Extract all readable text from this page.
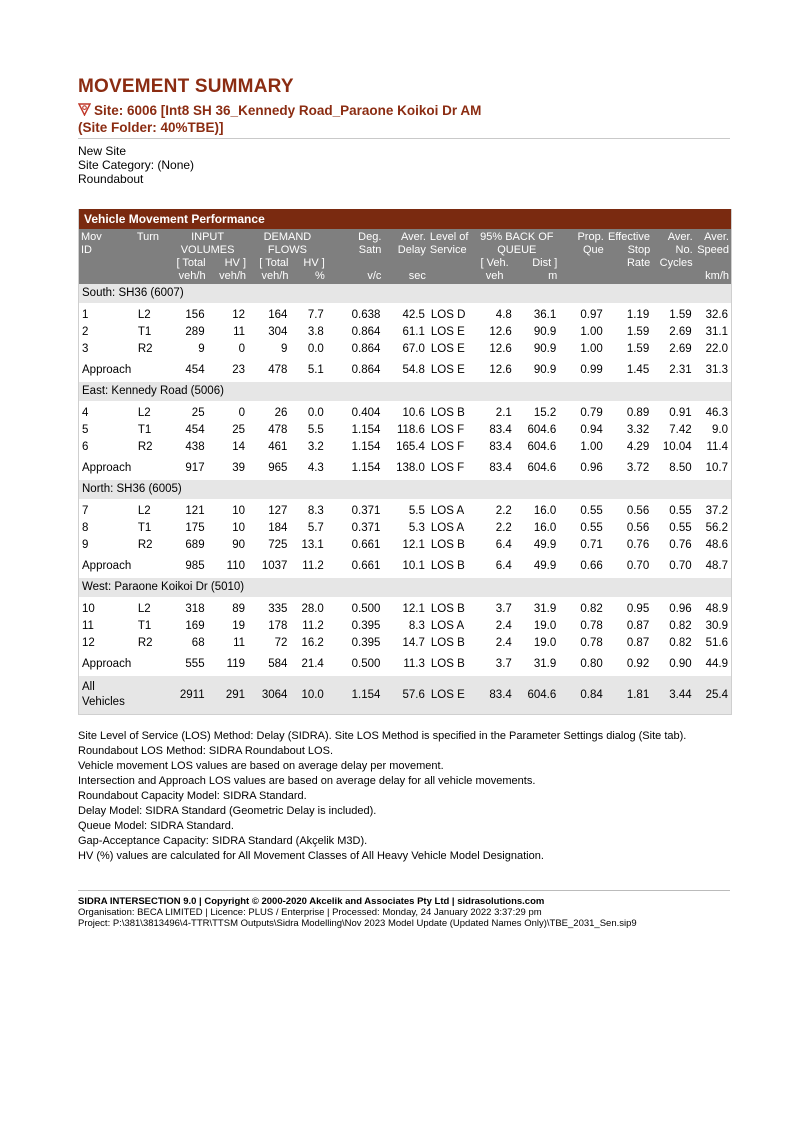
MOVEMENT SUMMARY
Site: 6006 [Int8 SH 36_Kennedy Road_Paraone Koikoi Dr AM
(Site Folder: 40%TBE)]
New Site
Site Category: (None)
Roundabout
Vehicle Movement Performance
Mov	Turn	INPUT		DEMAND		Deg.	Aver.	Level of	95% BACK OF		Prop.	Effective	Aver.	Aver.
ID		VOLUMES		FLOWS		Satn	Delay	Service	QUEUE		Que	Stop	No.	Speed
		[ Total	HV ]	[ Total	HV ]				[ Veh.	Dist ]		Rate	Cycles	
		veh/h	veh/h	veh/h	%	v/c	sec		veh	m				km/h
South: SH36 (6007)														

1	L2	156	12	164	7.7	0.638	42.5	LOS D	4.8	36.1	0.97	1.19	1.59	32.6
2	T1	289	11	304	3.8	0.864	61.1	LOS E	12.6	90.9	1.00	1.59	2.69	31.1
3	R2	9	0	9	0.0	0.864	67.0	LOS E	12.6	90.9	1.00	1.59	2.69	22.0
Approach		454	23	478	5.1	0.864	54.8	LOS E	12.6	90.9	0.99	1.45	2.31	31.3
East: Kennedy Road (5006)														

4	L2	25	0	26	0.0	0.404	10.6	LOS B	2.1	15.2	0.79	0.89	0.91	46.3
5	T1	454	25	478	5.5	1.154	118.6	LOS F	83.4	604.6	0.94	3.32	7.42	9.0
6	R2	438	14	461	3.2	1.154	165.4	LOS F	83.4	604.6	1.00	4.29	10.04	11.4
Approach		917	39	965	4.3	1.154	138.0	LOS F	83.4	604.6	0.96	3.72	8.50	10.7
North: SH36 (6005)														

7	L2	121	10	127	8.3	0.371	5.5	LOS A	2.2	16.0	0.55	0.56	0.55	37.2
8	T1	175	10	184	5.7	0.371	5.3	LOS A	2.2	16.0	0.55	0.56	0.55	56.2
9	R2	689	90	725	13.1	0.661	12.1	LOS B	6.4	49.9	0.71	0.76	0.76	48.6
Approach		985	110	1037	11.2	0.661	10.1	LOS B	6.4	49.9	0.66	0.70	0.70	48.7
West: Paraone Koikoi Dr (5010)														

10	L2	318	89	335	28.0	0.500	12.1	LOS B	3.7	31.9	0.82	0.95	0.96	48.9
11	T1	169	19	178	11.2	0.395	8.3	LOS A	2.4	19.0	0.78	0.87	0.82	30.9
12	R2	68	11	72	16.2	0.395	14.7	LOS B	2.4	19.0	0.78	0.87	0.82	51.6
Approach		555	119	584	21.4	0.500	11.3	LOS B	3.7	31.9	0.80	0.92	0.90	44.9
All
Vehicles		2911	291	3064	10.0	1.154	57.6	LOS E	83.4	604.6	0.84	1.81	3.44	25.4
Site Level of Service (LOS) Method: Delay (SIDRA). Site LOS Method is specified in the Parameter Settings dialog (Site tab).
Roundabout LOS Method: SIDRA Roundabout LOS.
Vehicle movement LOS values are based on average delay per movement.
Intersection and Approach LOS values are based on average delay for all vehicle movements.
Roundabout Capacity Model: SIDRA Standard.
Delay Model: SIDRA Standard (Geometric Delay is included).
Queue Model: SIDRA Standard.
Gap-Acceptance Capacity: SIDRA Standard (Akçelik M3D).
HV (%) values are calculated for All Movement Classes of All Heavy Vehicle Model Designation.
SIDRA INTERSECTION 9.0 | Copyright © 2000-2020 Akcelik and Associates Pty Ltd | sidrasolutions.com
Organisation: BECA LIMITED | Licence: PLUS / Enterprise | Processed: Monday, 24 January 2022 3:37:29 pm
Project: P:\381\3813496\4-TTR\TTSM Outputs\Sidra Modelling\Nov 2023 Model Update (Updated Names Only)\TBE_2031_Sen.sip9
